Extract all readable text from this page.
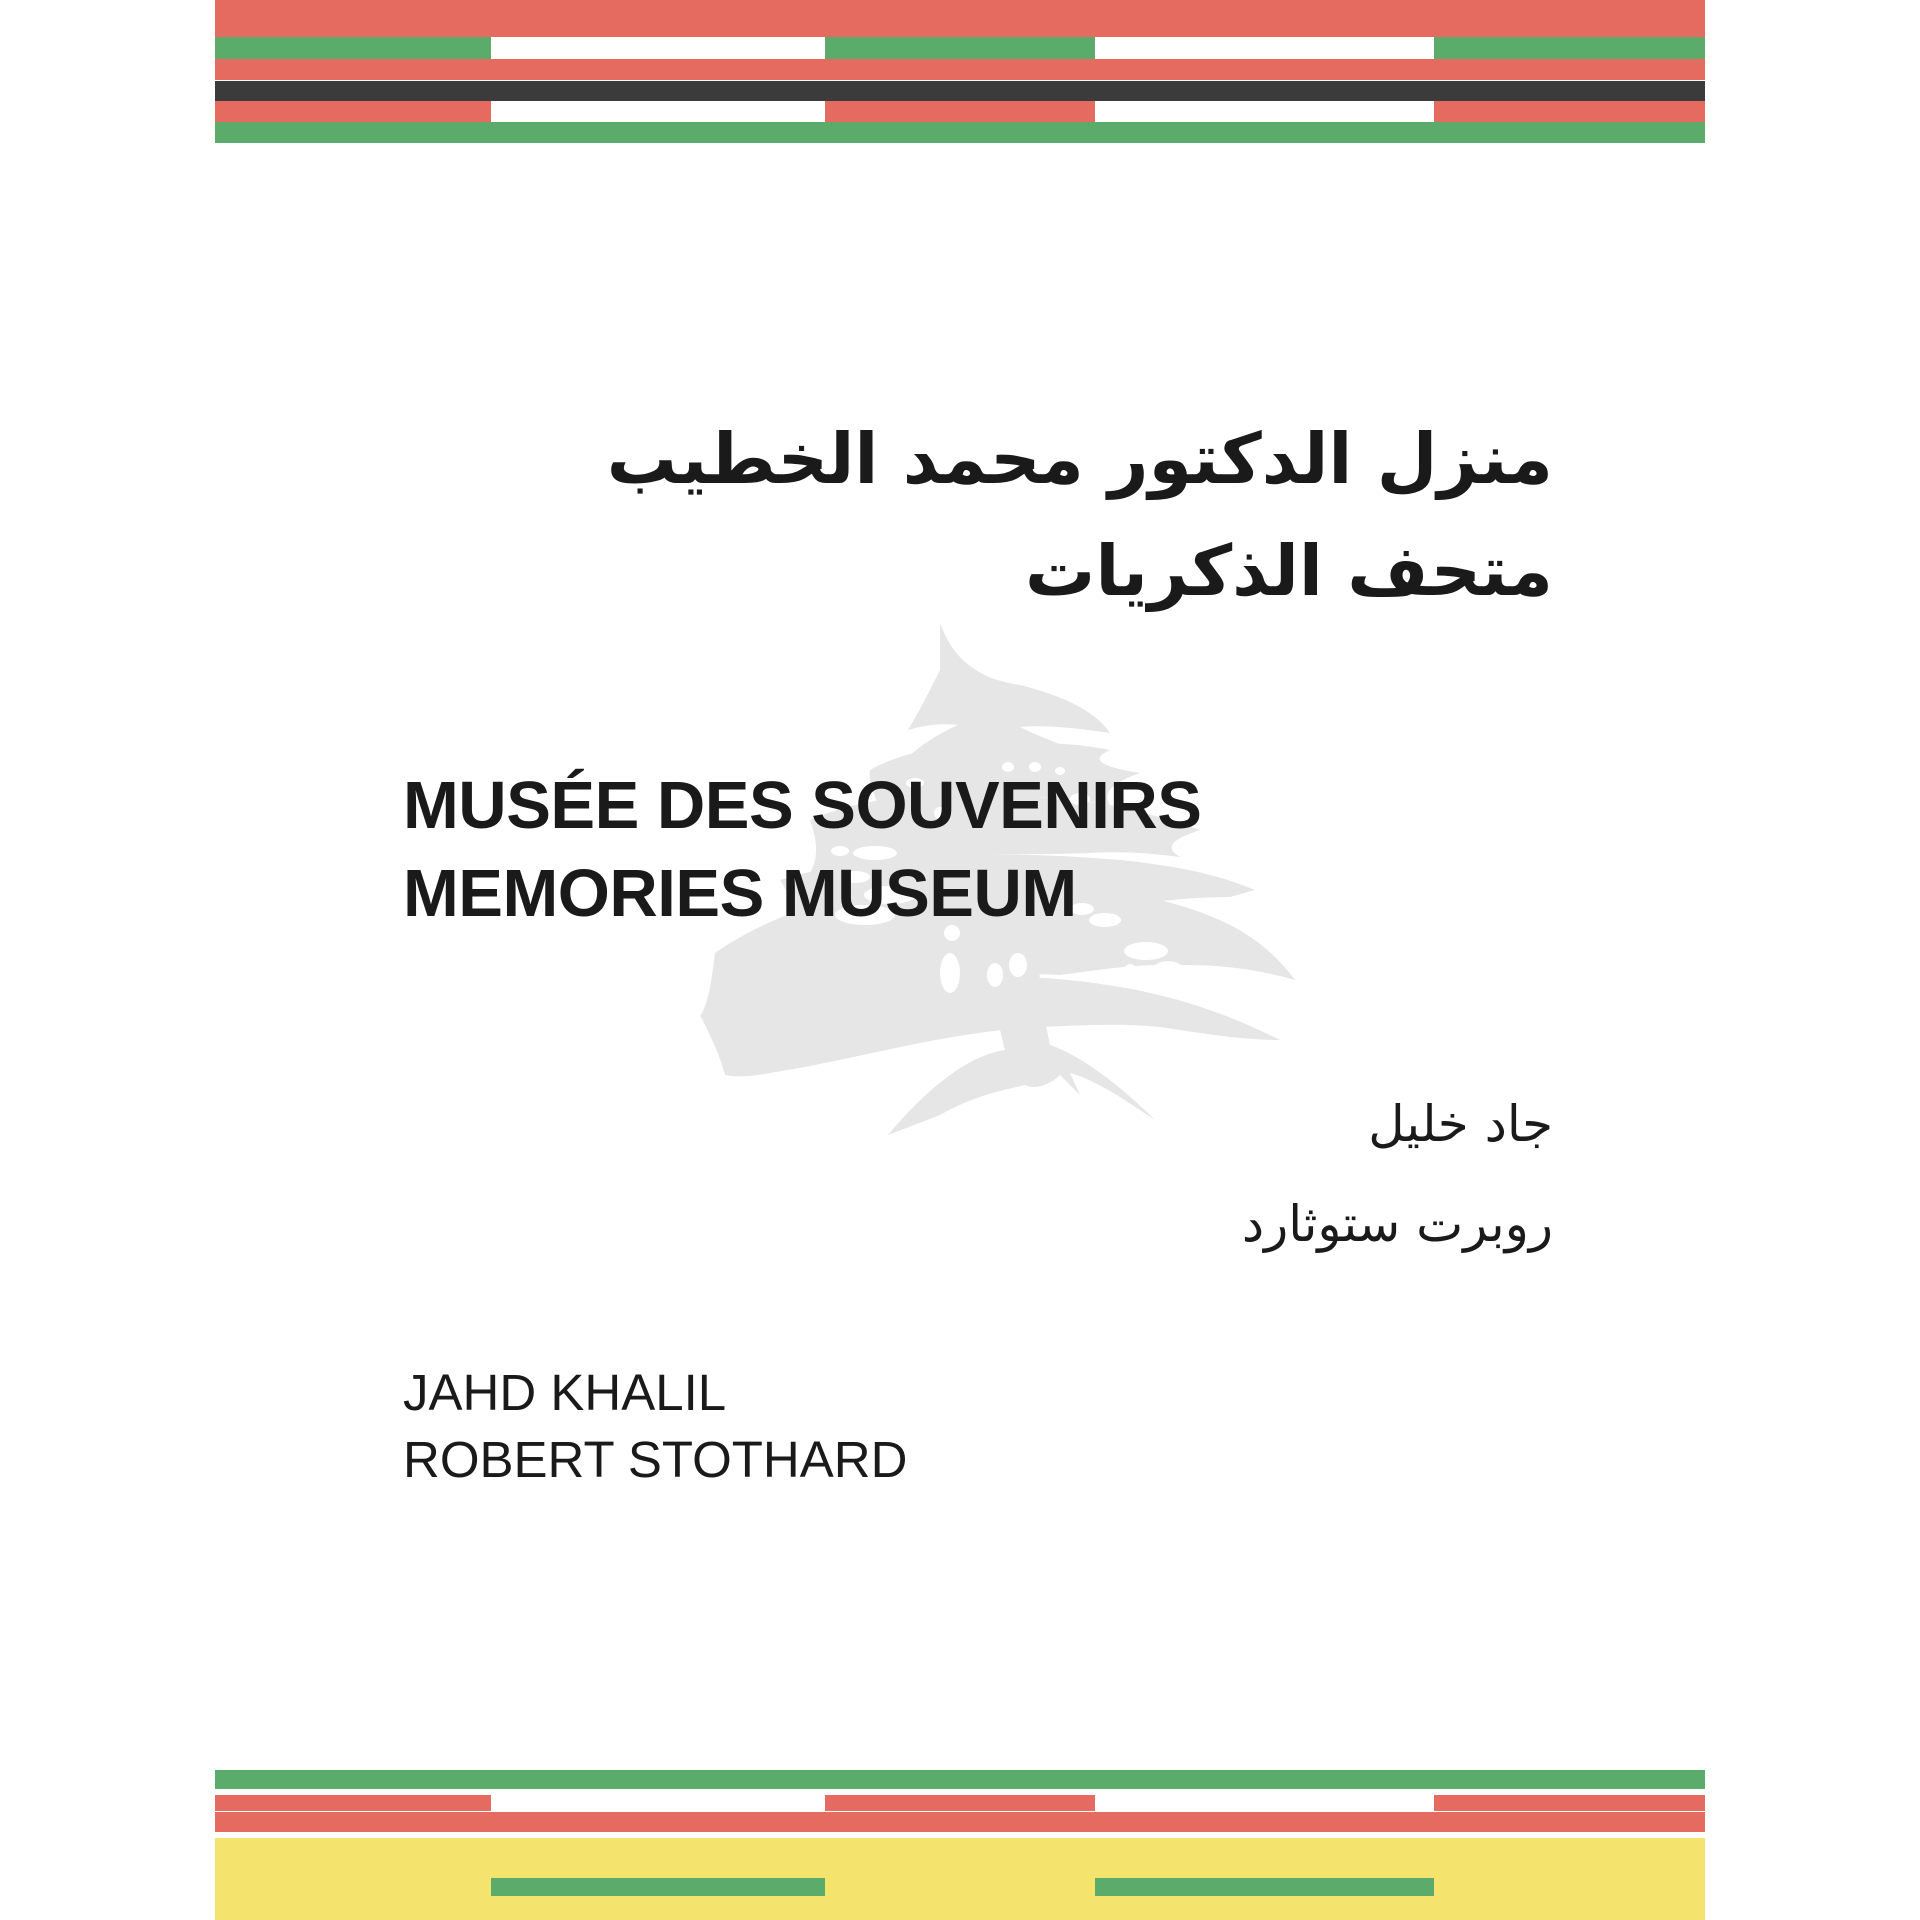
منزل الدكتور محمد الخطيب
متحف الذكريات
MUSÉE DES SOUVENIRS
MEMORIES MUSEUM
جاد خليل
روبرت ستوثارد
JAHD KHALIL
ROBERT STOTHARD
